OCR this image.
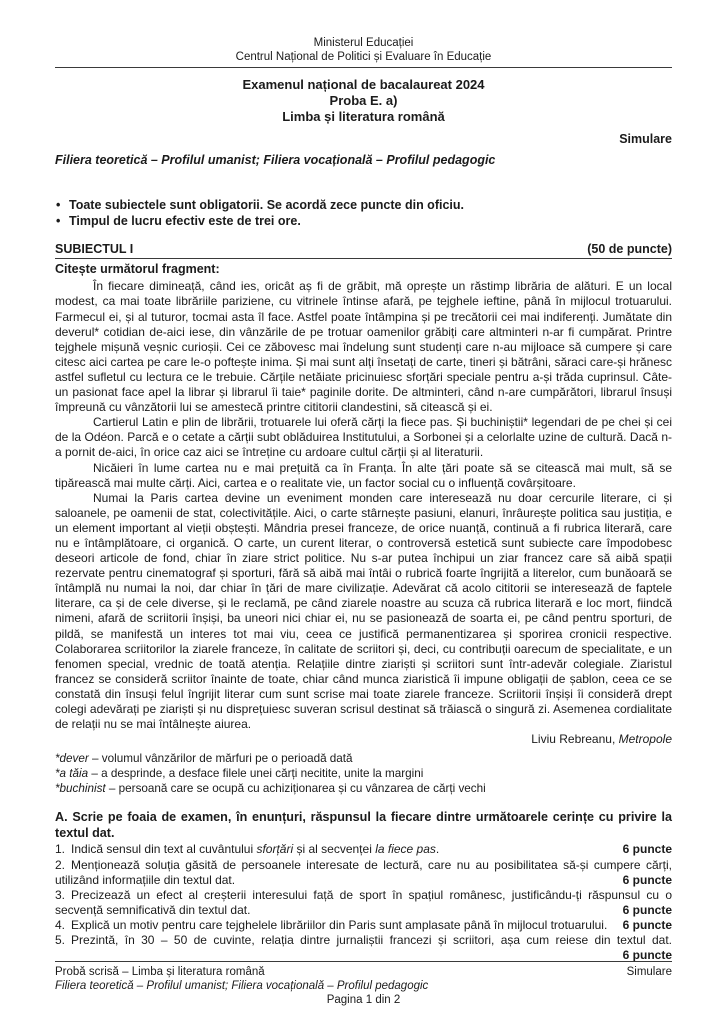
Ministerul Educației
Centrul Național de Politici și Evaluare în Educație
Examenul național de bacalaureat 2024
Proba E. a)
Limba și literatura română
Simulare
Filiera teoretică – Profilul umanist; Filiera vocațională – Profilul pedagogic
• Toate subiectele sunt obligatorii. Se acordă zece puncte din oficiu.
• Timpul de lucru efectiv este de trei ore.
SUBIECTUL I	(50 de puncte)
Citește următorul fragment:

În fiecare dimineață, când ies, oricât aș fi de grăbit, mă oprește un răstimp librăria de alături. E un local modest, ca mai toate librăriile pariziene, cu vitrinele întinse afară, pe tejghele ieftine, până în mijlocul trotuarului. Farmecul ei, și al tuturor, tocmai asta îl face. Astfel poate întâmpina și pe trecătorii cei mai indiferenți. Jumătate din deverul* cotidian de-aici iese, din vânzările de pe trotuar oamenilor grăbiți care altminteri n-ar fi cumpărat. Printre tejghele mișună veșnic curioșii. Cei ce zăbovesc mai îndelung sunt studenți care n-au mijloace să cumpere și care citesc aici cartea pe care le-o poftește inima. Și mai sunt alți însetați de carte, tineri și bătrâni, săraci care-și hrănesc astfel sufletul cu lectura ce le trebuie. Cărțile netăiate pricinuiesc sforțări speciale pentru a-și trăda cuprinsul. Câte-un pasionat face apel la librar și librarul îi taie* paginile dorite. De altminteri, când n-are cumpărători, librarul însuși împreună cu vânzătorii lui se amestecă printre cititorii clandestini, să citească și ei.

Cartierul Latin e plin de librării, trotuarele lui oferă cărți la fiece pas. Și buchiniștii* legendari de pe chei și cei de la Odéon. Parcă e o cetate a cărții subt oblăduirea Institutului, a Sorbonei și a celorlalte uzine de cultură. Dacă n-a pornit de-aici, în orice caz aici se întreține cu ardoare cultul cărții și al literaturii.

Nicăieri în lume cartea nu e mai prețuită ca în Franța. În alte țări poate să se citească mai mult, să se tipărească mai multe cărți. Aici, cartea e o realitate vie, un factor social cu o influență covârșitoare.

Numai la Paris cartea devine un eveniment monden care interesează nu doar cercurile literare, ci și saloanele, pe oamenii de stat, colectivitățile. Aici, o carte stârnește pasiuni, elanuri, înrâurește politica sau justiția, e un element important al vieții obștești. Mândria presei franceze, de orice nuanță, continuă a fi rubrica literară, care nu e întâmplătoare, ci organică. O carte, un curent literar, o controversă estetică sunt subiecte care împodobesc deseori articole de fond, chiar în ziare strict politice. Nu s-ar putea închipui un ziar francez care să aibă spații rezervate pentru cinematograf și sporturi, fără să aibă mai întâi o rubrică foarte îngrijită a literelor, cum bunăoară se întâmplă nu numai la noi, dar chiar în țări de mare civilizație. Adevărat că acolo cititorii se interesează de faptele literare, ca și de cele diverse, și le reclamă, pe când ziarele noastre au scuza că rubrica literară e loc mort, fiindcă nimeni, afară de scriitorii înșiși, ba uneori nici chiar ei, nu se pasionează de soarta ei, pe când pentru sporturi, de pildă, se manifestă un interes tot mai viu, ceea ce justifică permanentizarea și sporirea cronicii respective. Colaborarea scriitorilor la ziarele franceze, în calitate de scriitori și, deci, cu contribuții oarecum de specialitate, e un fenomen special, vrednic de toată atenția. Relațiile dintre ziariști și scriitori sunt într-adevăr colegiale. Ziaristul francez se consideră scriitor înainte de toate, chiar când munca ziaristică îi impune obligații de șablon, ceea ce se constată din însuși felul îngrijit literar cum sunt scrise mai toate ziarele franceze. Scriitorii înșiși îi consideră drept colegi adevărați pe ziariști și nu disprețuiesc suveran scrisul destinat să trăiască o singură zi. Asemenea cordialitate de relații nu se mai întâlnește aiurea.

Liviu Rebreanu, Metropole
*dever – volumul vânzărilor de mărfuri pe o perioadă dată
*a tăia – a desprinde, a desface filele unei cărți necitite, unite la margini
*buchinist – persoană care se ocupă cu achiziționarea și cu vânzarea de cărți vechi
A. Scrie pe foaia de examen, în enunțuri, răspunsul la fiecare dintre următoarele cerințe cu privire la textul dat.
1. Indică sensul din text al cuvântului sforțări și al secvenței la fiece pas.	6 puncte
2. Menționează soluția găsită de persoanele interesate de lectură, care nu au posibilitatea să-și cumpere cărți, utilizând informațiile din textul dat.	6 puncte
3. Precizează un efect al creșterii interesului față de sport în spațiul românesc, justificându-ți răspunsul cu o secvență semnificativă din textul dat.	6 puncte
4. Explică un motiv pentru care tejghelele librăriilor din Paris sunt amplasate până în mijlocul trotuarului. 6 puncte
5. Prezintă, în 30 – 50 de cuvinte, relația dintre jurnaliștii francezi și scriitori, așa cum reiese din textul dat.
6 puncte
Probă scrisă – Limba și literatura română	Simulare
Filiera teoretică – Profilul umanist; Filiera vocațională – Profilul pedagogic
Pagina 1 din 2
